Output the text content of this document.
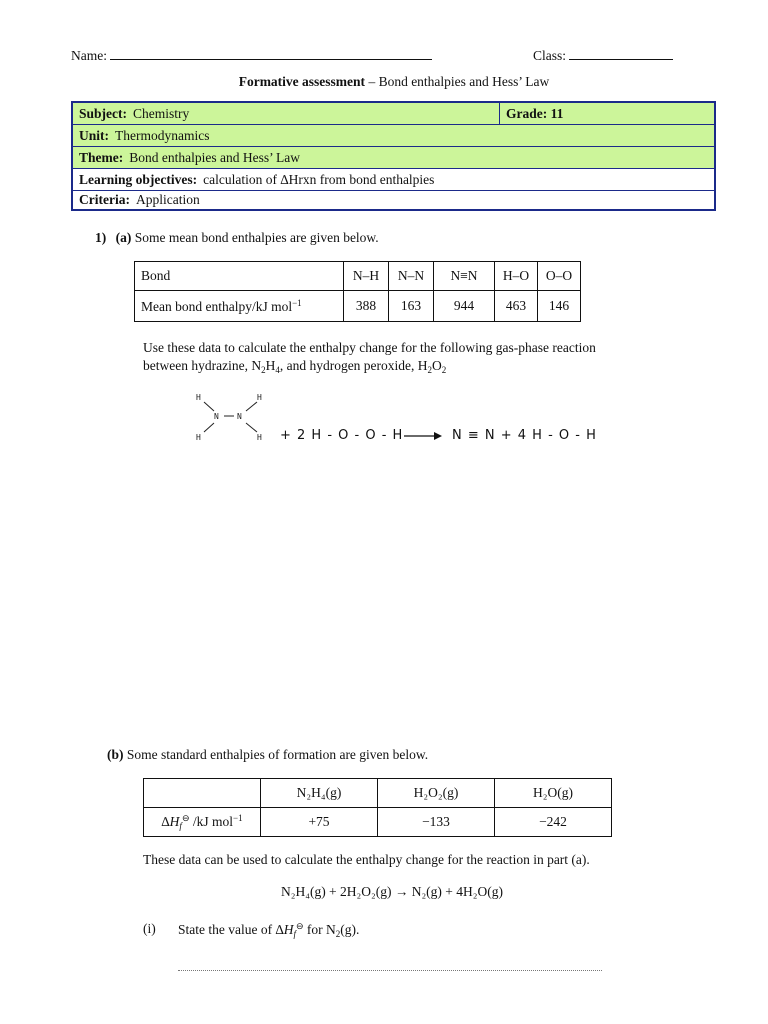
Name:	Class:
Formative assessment – Bond enthalpies and Hess’ Law
Subject: Chemistry	Grade: 11
Unit: Thermodynamics
Theme: Bond enthalpies and Hess’ Law
Learning objectives: calculation of ∆Hrxn from bond enthalpies
Criteria: Application
1) (a) Some mean bond enthalpies are given below.
Bond	N–H	N–N	N≡N	H–O	O–O
Mean bond enthalpy/kJ mol$^{-1}$	388	163	944	463	146
Use these data to calculate the enthalpy change for the following gas-phase reaction
between hydrazine, $N_2H_4$, and hydrogen peroxide, $H_2O_2$
H	H
H	H
N N
+ 2 H - O - O - H → N ≡ N + 4 H - O - H
(b) Some standard enthalpies of formation are given below.
	N₂H₄(g)	H₂O₂(g)	H₂O(g)
$\Delta H_f^⊖$ /kJ mol$^{-1}$	+75	−133	−242
These data can be used to calculate the enthalpy change for the reaction in part (a).
N₂H₄(g) + 2H₂O₂(g) → N₂(g) + 4H₂O(g)
(i) State the value of $\Delta H_f^⊖$ for $N_2(g)$.
